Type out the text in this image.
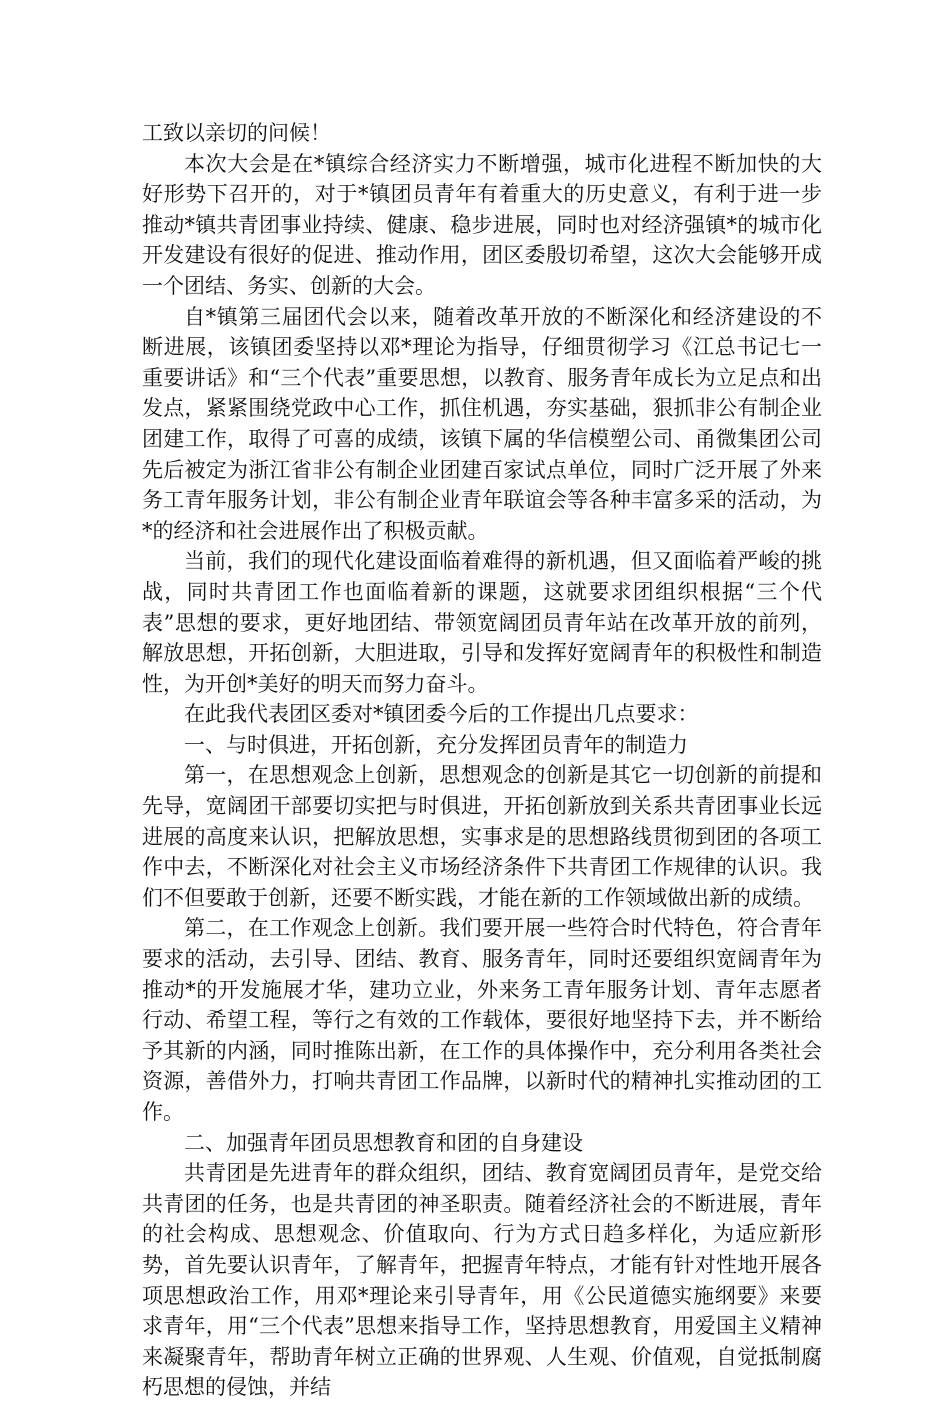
工致以亲切的问候！

本次大会是在*镇综合经济实力不断增强，城市化进程不断加快的大好形势下召开的，对于*镇团员青年有着重大的历史意义，有利于进一步推动*镇共青团事业持续、健康、稳步进展，同时也对经济强镇*的城市化开发建设有很好的促进、推动作用，团区委殷切希望，这次大会能够开成一个团结、务实、创新的大会。

自*镇第三届团代会以来，随着改革开放的不断深化和经济建设的不断进展，该镇团委坚持以邓*理论为指导，仔细贯彻学习《江总书记七一重要讲话》和“三个代表”重要思想，以教育、服务青年成长为立足点和出发点，紧紧围绕党政中心工作，抓住机遇，夯实基础，狠抓非公有制企业团建工作，取得了可喜的成绩，该镇下属的华信模塑公司、甬微集团公司先后被定为浙江省非公有制企业团建百家试点单位，同时广泛开展了外来务工青年服务计划，非公有制企业青年联谊会等各种丰富多采的活动，为*的经济和社会进展作出了积极贡献。

当前，我们的现代化建设面临着难得的新机遇，但又面临着严峻的挑战，同时共青团工作也面临着新的课题，这就要求团组织根据“三个代表”思想的要求，更好地团结、带领宽阔团员青年站在改革开放的前列，解放思想，开拓创新，大胆进取，引导和发挥好宽阔青年的积极性和制造性，为开创*美好的明天而努力奋斗。

在此我代表团区委对*镇团委今后的工作提出几点要求：

一、与时俱进，开拓创新，充分发挥团员青年的制造力

第一，在思想观念上创新，思想观念的创新是其它一切创新的前提和先导，宽阔团干部要切实把与时俱进，开拓创新放到关系共青团事业长远进展的高度来认识，把解放思想，实事求是的思想路线贯彻到团的各项工作中去，不断深化对社会主义市场经济条件下共青团工作规律的认识。我们不但要敢于创新，还要不断实践，才能在新的工作领域做出新的成绩。

第二，在工作观念上创新。我们要开展一些符合时代特色，符合青年要求的活动，去引导、团结、教育、服务青年，同时还要组织宽阔青年为推动*的开发施展才华，建功立业，外来务工青年服务计划、青年志愿者行动、希望工程，等行之有效的工作载体，要很好地坚持下去，并不断给予其新的内涵，同时推陈出新，在工作的具体操作中，充分利用各类社会资源，善借外力，打响共青团工作品牌，以新时代的精神扎实推动团的工作。

二、加强青年团员思想教育和团的自身建设

共青团是先进青年的群众组织，团结、教育宽阔团员青年，是党交给共青团的任务，也是共青团的神圣职责。随着经济社会的不断进展，青年的社会构成、思想观念、价值取向、行为方式日趋多样化，为适应新形势，首先要认识青年，了解青年，把握青年特点，才能有针对性地开展各项思想政治工作，用邓*理论来引导青年，用《公民道德实施纲要》来要求青年，用“三个代表”思想来指导工作，坚持思想教育，用爱国主义精神来凝聚青年，帮助青年树立正确的世界观、人生观、价值观，自觉抵制腐朽思想的侵蚀，并结
